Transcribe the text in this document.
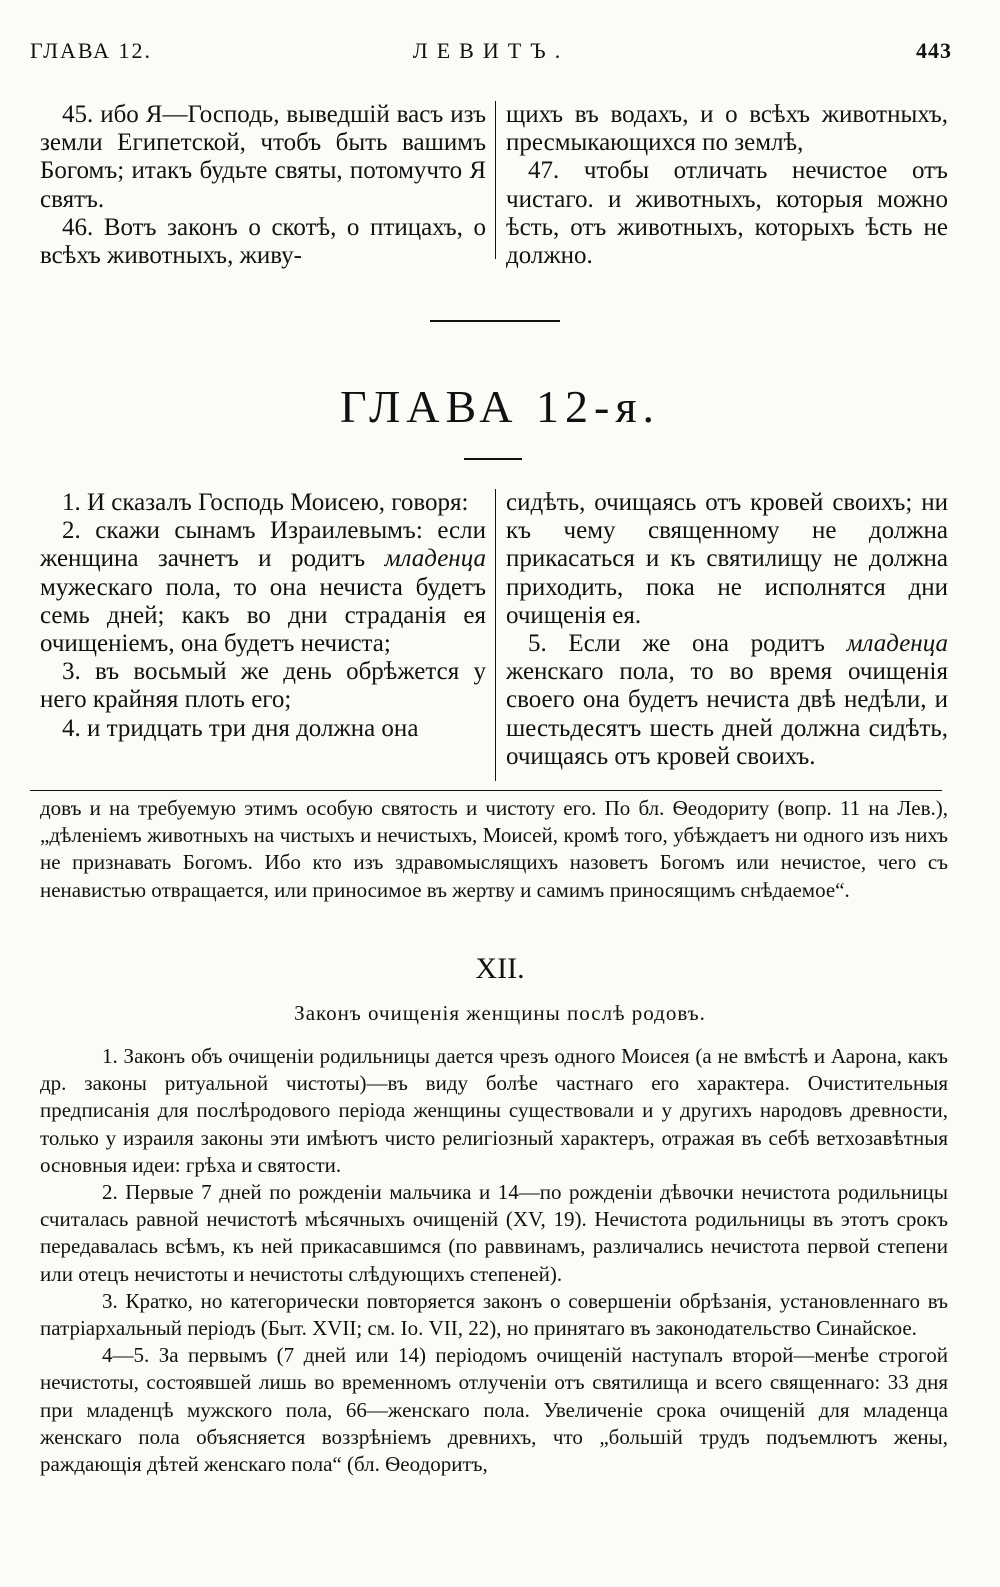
ГЛАВА 12.	ЛЕВИТЪ.	443

45. ибо Я—Господь, выведшій васъ изъ земли Египетской, чтобъ быть вашимъ Богомъ; итакъ будьте святы, потомучто Я святъ.

46. Вотъ законъ о скотѣ, о птицахъ, о всѣхъ животныхъ, живу-

щихъ въ водахъ, и о всѣхъ животныхъ, пресмыкающихся по землѣ,

47. чтобы отличать нечистое отъ чистаго. и животныхъ, которыя можно ѣсть, отъ животныхъ, которыхъ ѣсть не должно.

ГЛАВА 12-я.

1. И сказалъ Господь Моисею, говоря:

2. скажи сынамъ Израилевымъ: если женщина зачнетъ и родитъ младенца мужескаго пола, то она нечиста будетъ семь дней; какъ во дни страданія ея очищеніемъ, она будетъ нечиста;

3. въ восьмый же день обрѣжется у него крайняя плоть его;

4. и тридцать три дня должна она

сидѣть, очищаясь отъ кровей своихъ; ни къ чему священному не должна прикасаться и къ святилищу не должна приходить, пока не исполнятся дни очищенія ея.

5. Если же она родитъ младенца женскаго пола, то во время очищенія своего она будетъ нечиста двѣ недѣли, и шестьдесятъ шесть дней должна сидѣть, очищаясь отъ кровей своихъ.

довъ и на требуемую этимъ особую святость и чистоту его. По бл. Ѳеодориту (вопр. 11 на Лев.), „дѣленіемъ животныхъ на чистыхъ и нечистыхъ, Моисей, кромѣ того, убѣждаетъ ни одного изъ нихъ не признавать Богомъ. Ибо кто изъ здравомыслящихъ назоветъ Богомъ или нечистое, чего съ ненавистью отвращается, или приносимое въ жертву и самимъ приносящимъ снѣдаемое“.

XII.
Законъ очищенія женщины послѣ родовъ.

1. Законъ объ очищеніи родильницы дается чрезъ одного Моисея (а не вмѣстѣ и Аарона, какъ др. законы ритуальной чистоты)—въ виду болѣе частнаго его характера. Очистительныя предписанія для послѣродового періода женщины существовали и у другихъ народовъ древности, только у израиля законы эти имѣютъ чисто религіозный характеръ, отражая въ себѣ ветхозавѣтныя основныя идеи: грѣха и святости.

2. Первые 7 дней по рожденіи мальчика и 14—по рожденіи дѣвочки нечистота родильницы считалась равной нечистотѣ мѣсячныхъ очищеній (XV, 19). Нечистота родильницы въ этотъ срокъ передавалась всѣмъ, къ ней прикасавшимся (по раввинамъ, различались нечистота первой степени или отецъ нечистоты и нечистоты слѣдующихъ степеней).

3. Кратко, но категорически повторяется законъ о совершеніи обрѣзанія, установленнаго въ патріархальный періодъ (Быт. XVII; см. Іо. VII, 22), но принятаго въ законодательство Синайское.

4—5. За первымъ (7 дней или 14) періодомъ очищеній наступалъ второй—менѣе строгой нечистоты, состоявшей лишь во временномъ отлученіи отъ святилища и всего священнаго: 33 дня при младенцѣ мужского пола, 66—женскаго пола. Увеличеніе срока очищеній для младенца женскаго пола объясняется воззрѣніемъ древнихъ, что „большій трудъ подъемлютъ жены, раждающія дѣтей женскаго пола“ (бл. Ѳеодоритъ,
